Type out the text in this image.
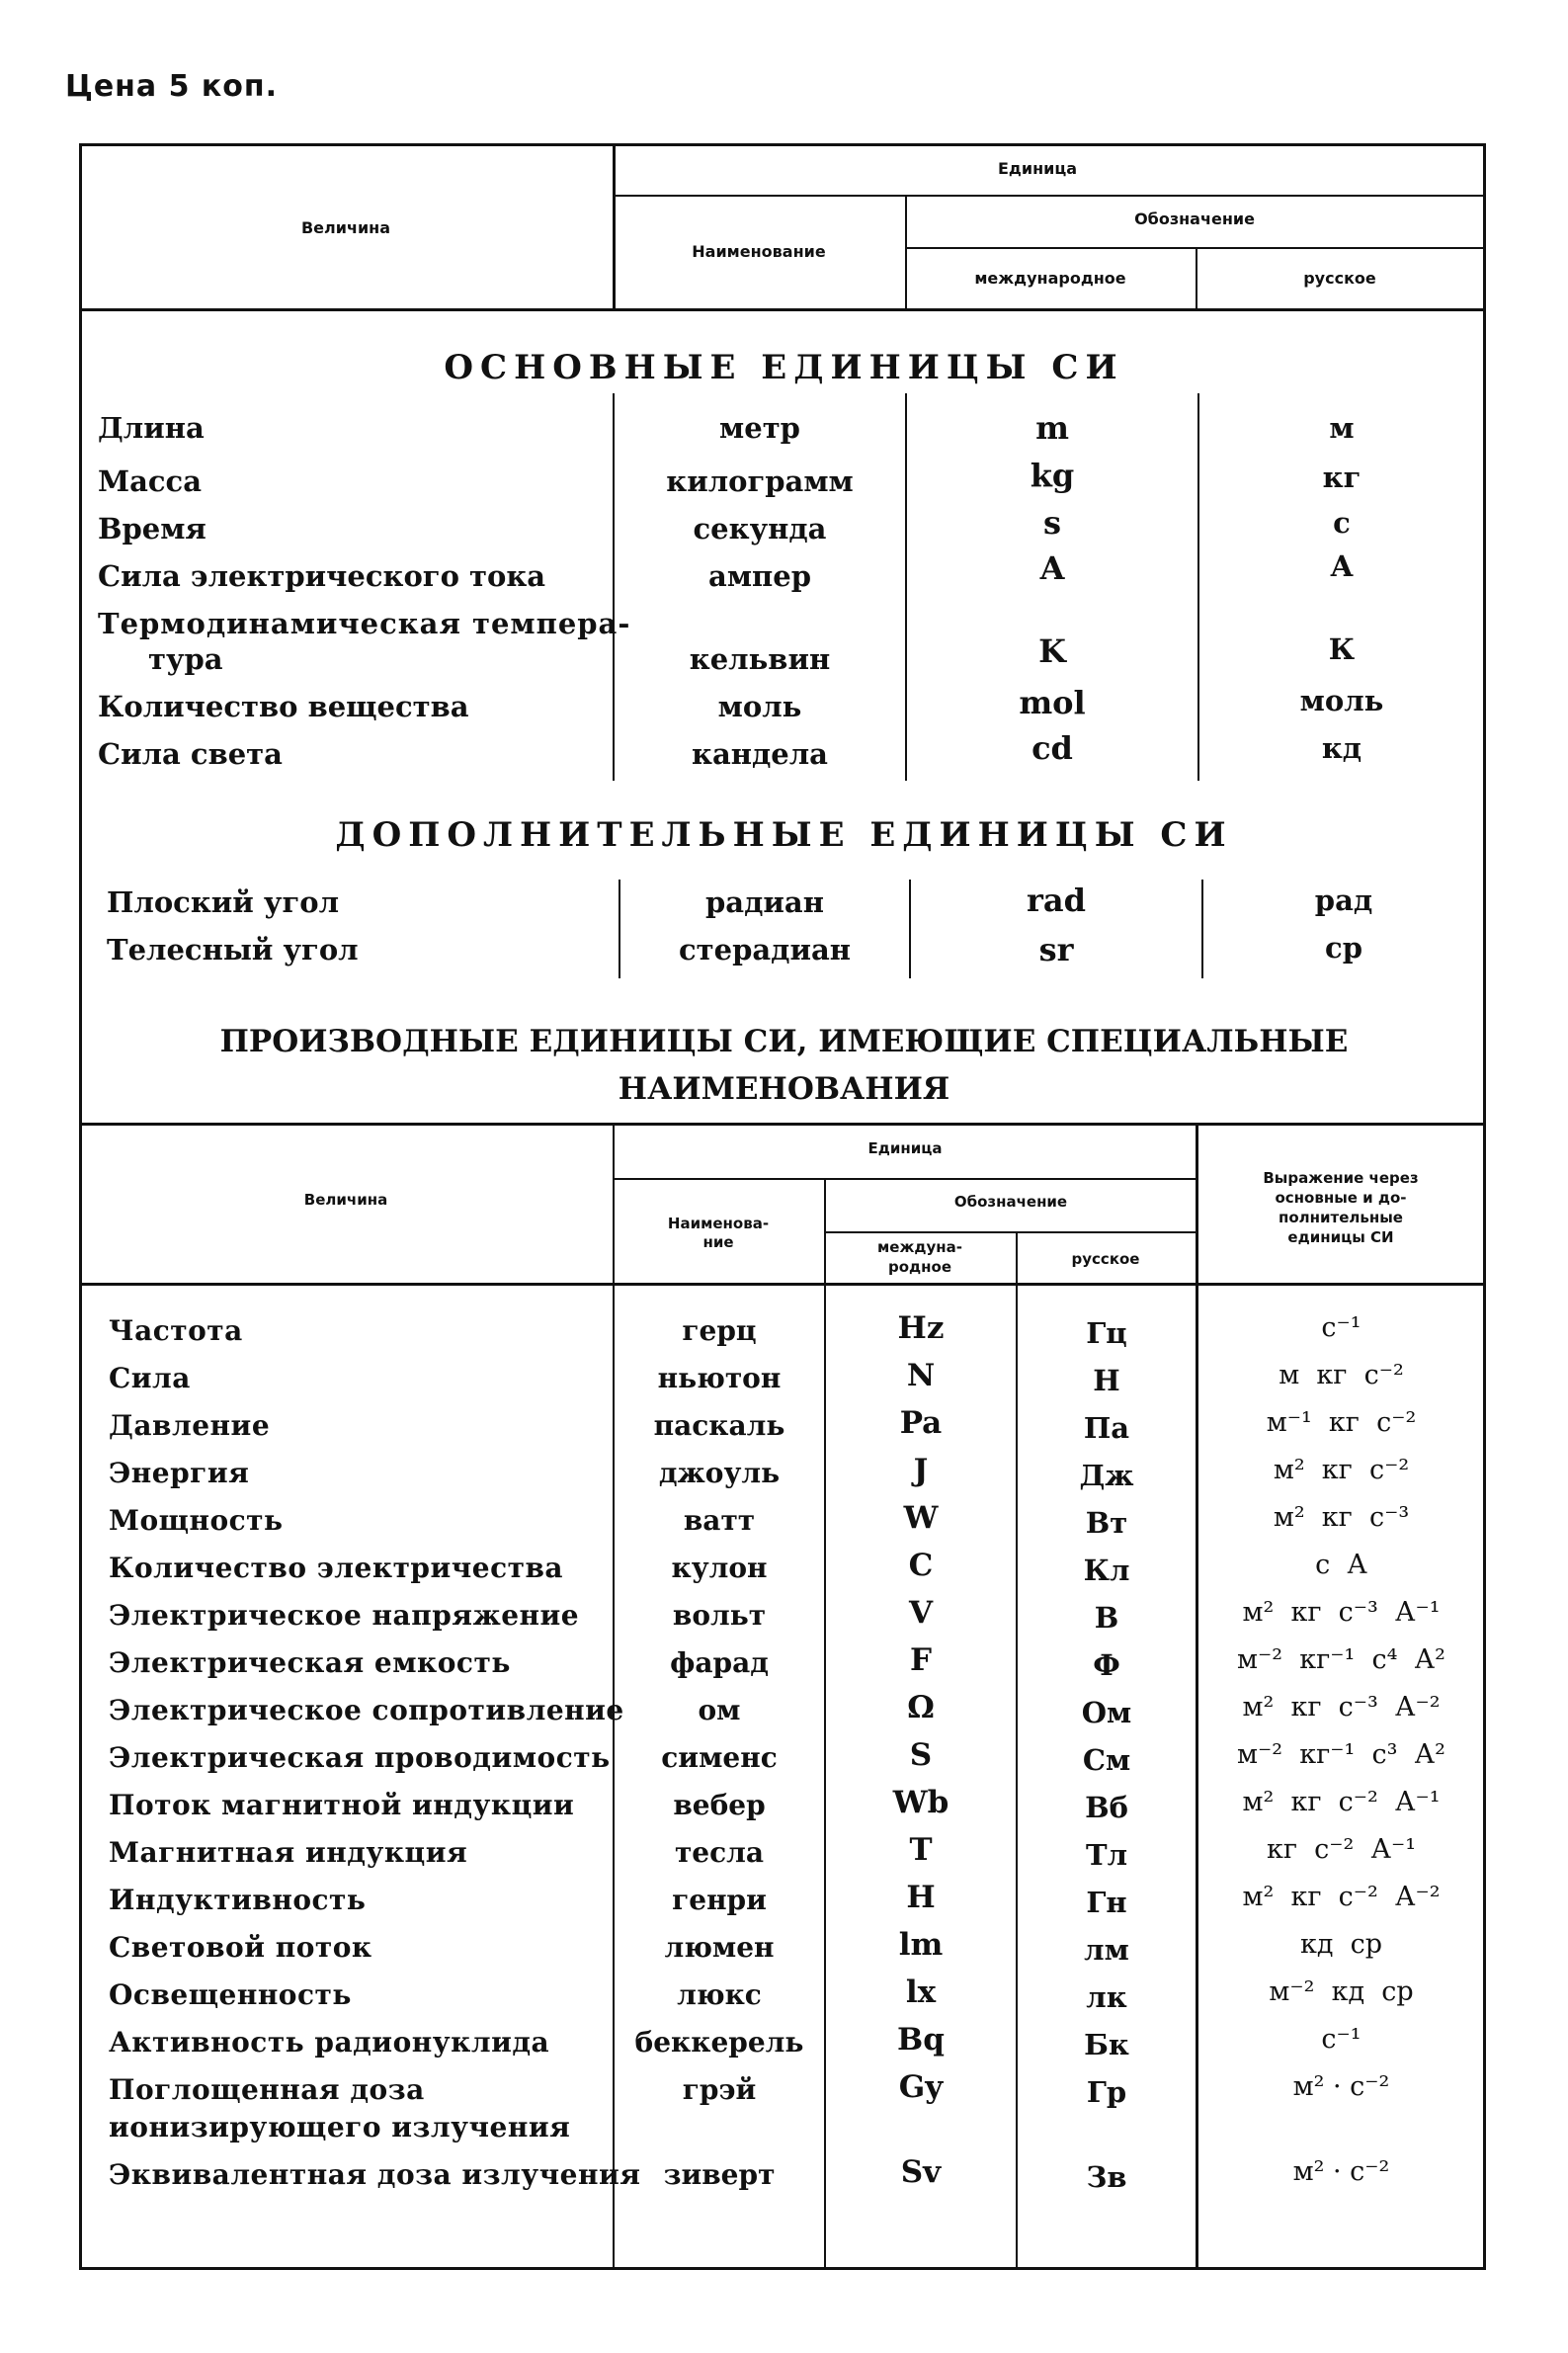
Цена 5 коп.
Величина
Единица
Наименование
Обозначение
международное	русское
ОСНОВНЫЕ ЕДИНИЦЫ СИ
Длина	метр	m	м
Масса	килограмм	kg	кг
Время	секунда	s	с
Сила электрического тока	ампер	A	А
Термодинамическая темпера-
тура	кельвин	K	К
Количество вещества	моль	mol	моль
Сила света	кандела	cd	кд
ДОПОЛНИТЕЛЬНЫЕ ЕДИНИЦЫ СИ
Плоский угол	радиан	rad	рад
Телесный угол	стерадиан	sr	ср
ПРОИЗВОДНЫЕ ЕДИНИЦЫ СИ, ИМЕЮЩИЕ СПЕЦИАЛЬНЫЕ
НАИМЕНОВАНИЯ
Величина
Единица
Наименова-
ние
Обозначение
междуна-
родное	русское
Выражение через
основные и до-
полнительные
единицы СИ
Частота	герц	Hz	Гц	с⁻¹
Сила	ньютон	N	Н	м  кг  с⁻²
Давление	паскаль	Pa	Па	м⁻¹  кг  с⁻²
Энергия	джоуль	J	Дж	м²  кг  с⁻²
Мощность	ватт	W	Вт	м²  кг  с⁻³
Количество электричества	кулон	C	Кл	с  А
Электрическое напряжение	вольт	V	В	м²  кг  с⁻³  А⁻¹
Электрическая емкость	фарад	F	Ф	м⁻²  кг⁻¹  с⁴  А²
Электрическое сопротивление	ом	Ω	Ом	м²  кг  с⁻³  А⁻²
Электрическая проводимость	сименс	S	См	м⁻²  кг⁻¹  с³  А²
Поток магнитной индукции	вебер	Wb	Вб	м²  кг  с⁻²  А⁻¹
Магнитная индукция	тесла	T	Тл	кг  с⁻²  А⁻¹
Индуктивность	генри	H	Гн	м²  кг  с⁻²  А⁻²
Световой поток	люмен	lm	лм	кд  ср
Освещенность	люкс	lx	лк	м⁻²  кд  ср
Активность радионуклида	беккерель	Bq	Бк	с⁻¹
Поглощенная доза
ионизирующего излучения
грэй	Gy	Гр	м² · с⁻²
Эквивалентная доза излучения зиверт	Sv	Зв	м² · с⁻²
